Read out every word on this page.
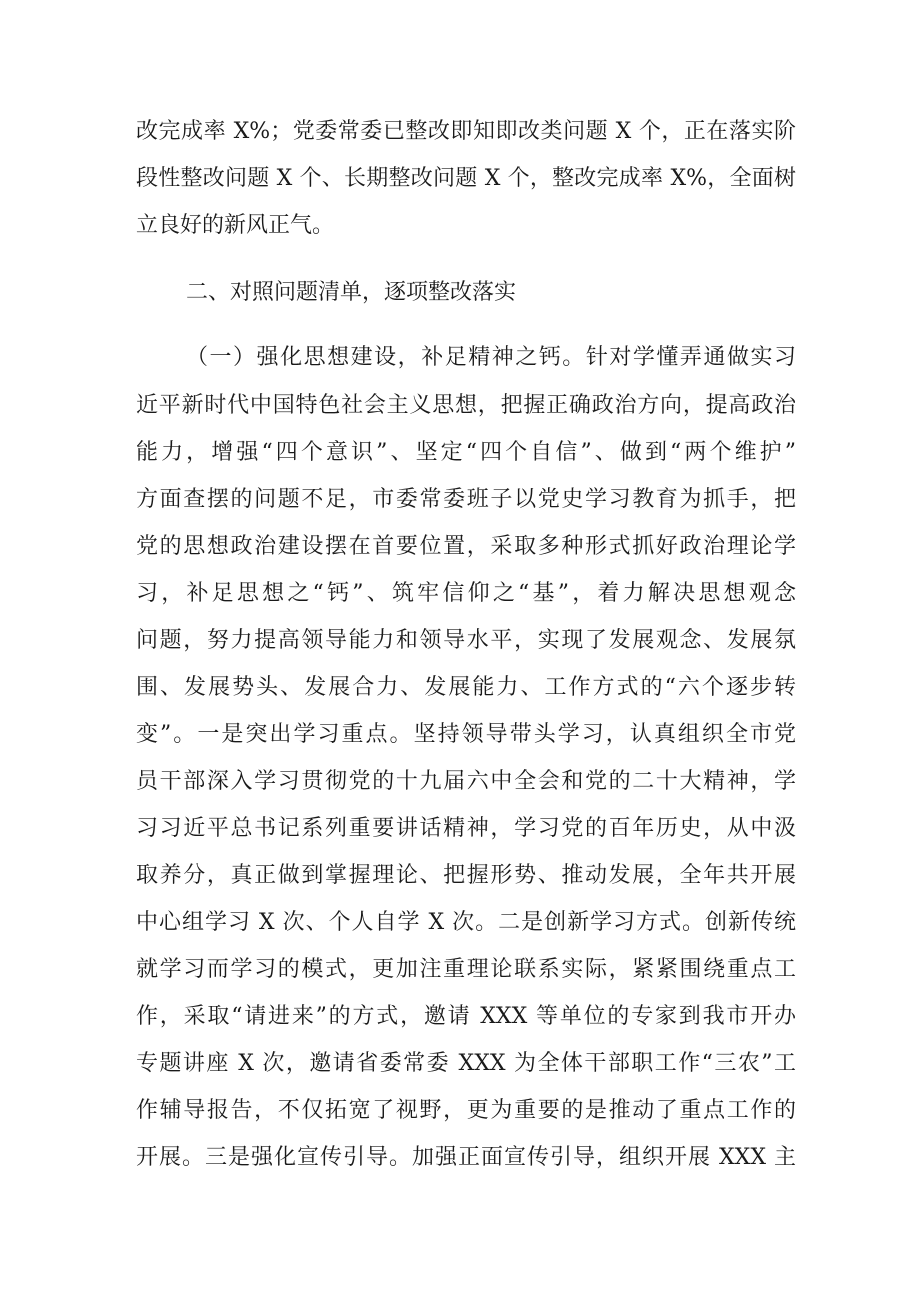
改完成率 X%；党委常委已整改即知即改类问题 X 个，正在落实阶
段性整改问题 X 个、长期整改问题 X 个，整改完成率 X%，全面树
立良好的新风正气。
二、对照问题清单，逐项整改落实
（一）强化思想建设，补足精神之钙。针对学懂弄通做实习
近平新时代中国特色社会主义思想，把握正确政治方向，提高政治
能力，增强“四个意识”、坚定“四个自信”、做到“两个维护”
方面查摆的问题不足，市委常委班子以党史学习教育为抓手，把
党的思想政治建设摆在首要位置，采取多种形式抓好政治理论学
习，补足思想之“钙”、筑牢信仰之“基”，着力解决思想观念
问题，努力提高领导能力和领导水平，实现了发展观念、发展氛
围、发展势头、发展合力、发展能力、工作方式的“六个逐步转
变”。一是突出学习重点。坚持领导带头学习，认真组织全市党
员干部深入学习贯彻党的十九届六中全会和党的二十大精神，学
习习近平总书记系列重要讲话精神，学习党的百年历史，从中汲
取养分，真正做到掌握理论、把握形势、推动发展，全年共开展
中心组学习 X 次、个人自学 X 次。二是创新学习方式。创新传统
就学习而学习的模式，更加注重理论联系实际，紧紧围绕重点工
作，采取“请进来”的方式，邀请 XXX 等单位的专家到我市开办
专题讲座 X 次，邀请省委常委 XXX 为全体干部职工作“三农”工
作辅导报告，不仅拓宽了视野，更为重要的是推动了重点工作的
开展。三是强化宣传引导。加强正面宣传引导，组织开展 XXX 主
